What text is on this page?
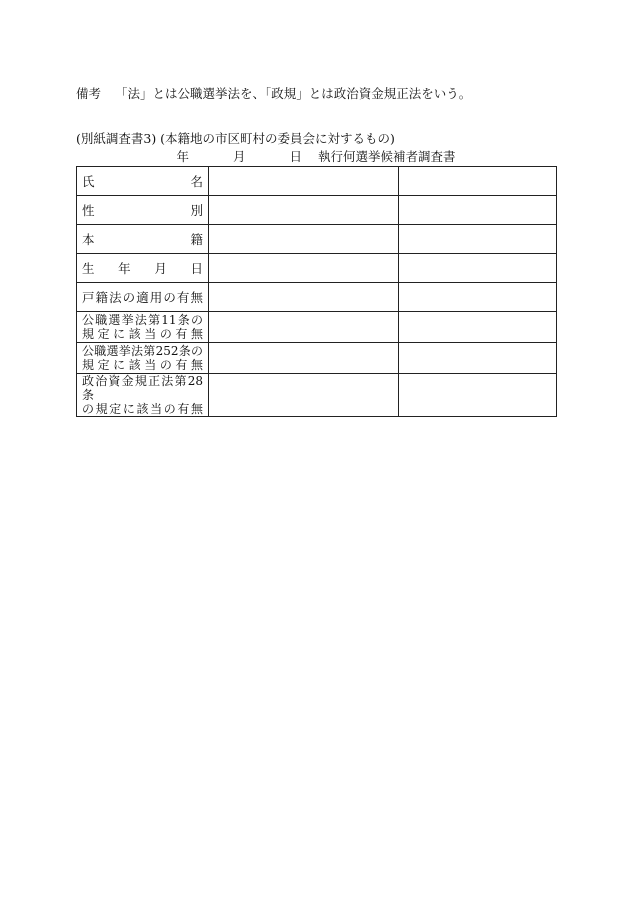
備考 「法」とは公職選挙法を、「政規」とは政治資金規正法をいう。
(別紙調査書3) (本籍地の市区町村の委員会に対するもの)
年	月	日 執行何選挙候補者調査書
氏名		
性別		
本籍		
生年月日		
戸籍法の適用の有無		

公職選挙法第11条の
規定に該当の有無		

公職選挙法第252条の
規定に該当の有無		

政治資金規正法第28条
の規定に該当の有無		
